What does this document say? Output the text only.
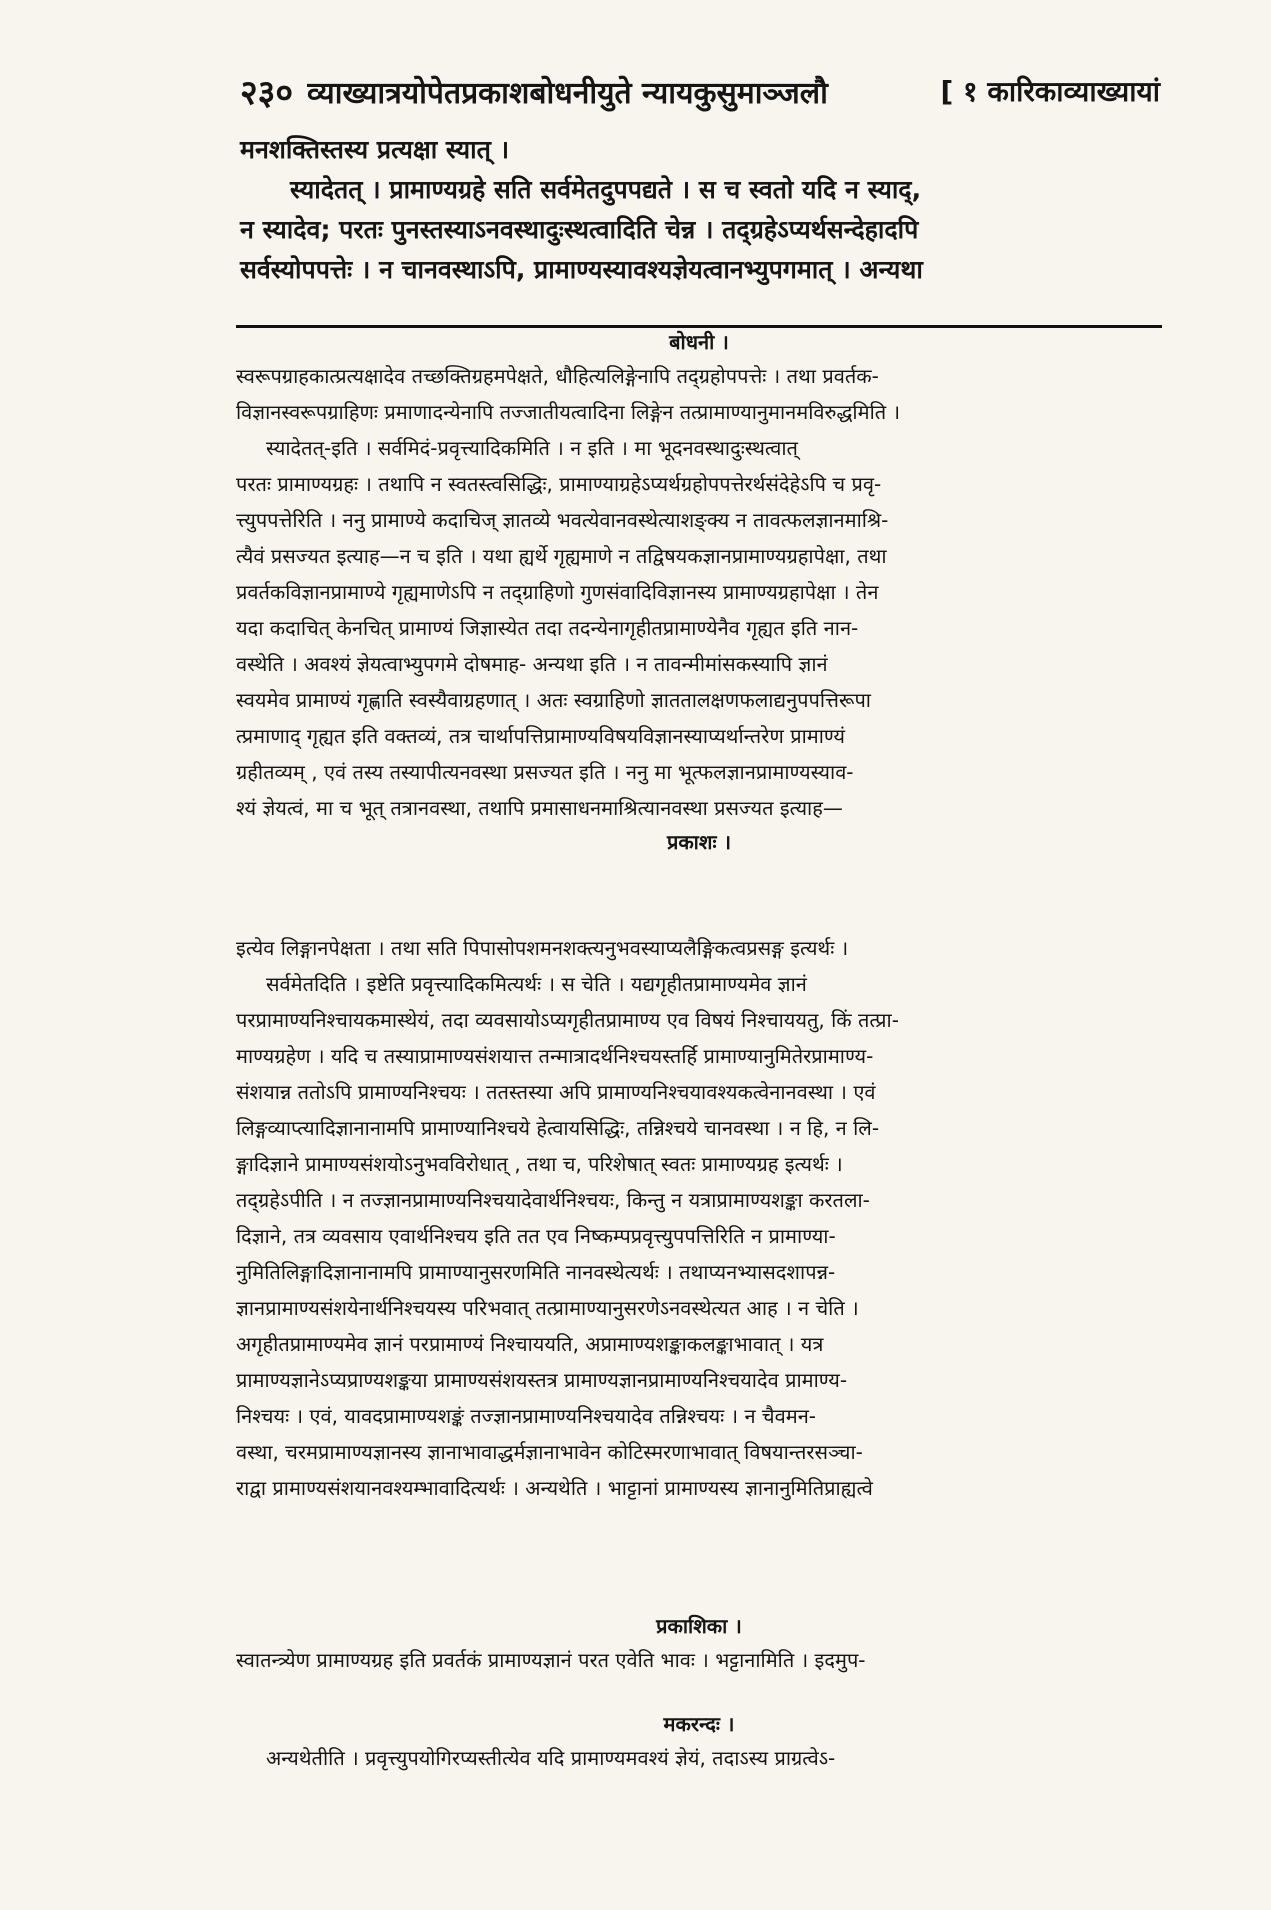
२३० व्याख्यात्रयोपेतप्रकाशबोधनीयुते न्यायकुसुमाञ्जलौ	[ १ कारिकाव्याख्यायां

मनशक्तिस्तस्य प्रत्यक्षा स्यात् ।

स्यादेतत् । प्रामाण्यग्रहे सति सर्वमेतदुपपद्यते । स च स्वतो यदि न स्याद्,

न स्यादेव; परतः पुनस्तस्याऽनवस्थादुःस्थत्वादिति चेन्न । तद्ग्रहेऽप्यर्थसन्देहादपि

सर्वस्योपपत्तेः । न चानवस्थाऽपि, प्रामाण्यस्यावश्यज्ञेयत्वानभ्युपगमात् । अन्यथा

बोधनी ।

स्वरूपग्राहकात्प्रत्यक्षादेव तच्छक्तिग्रहमपेक्षते, धौहित्यलिङ्गेनापि तद्ग्रहोपपत्तेः । तथा प्रवर्तक-

विज्ञानस्वरूपग्राहिणः प्रमाणादन्येनापि तज्जातीयत्वादिना लिङ्गेन तत्प्रामाण्यानुमानमविरुद्धमिति ।

स्यादेतत्-इति । सर्वमिदं-प्रवृत्त्यादिकमिति । न इति । मा भूदनवस्थादुःस्थत्वात्

परतः प्रामाण्यग्रहः । तथापि न स्वतस्त्वसिद्धिः, प्रामाण्याग्रहेऽप्यर्थग्रहोपपत्तेरर्थसंदेहेऽपि च प्रवृ-

त्त्युपपत्तेरिति । ननु प्रामाण्ये कदाचिज् ज्ञातव्ये भवत्येवानवस्थेत्याशङ्क्य न तावत्फलज्ञानमाश्रि-

त्यैवं प्रसज्यत इत्याह—न च इति । यथा ह्यर्थे गृह्यमाणे न तद्विषयकज्ञानप्रामाण्यग्रहापेक्षा, तथा

प्रवर्तकविज्ञानप्रामाण्ये गृह्यमाणेऽपि न तद्ग्राहिणो गुणसंवादिविज्ञानस्य प्रामाण्यग्रहापेक्षा । तेन

यदा कदाचित् केनचित् प्रामाण्यं जिज्ञास्येत तदा तदन्येनागृहीतप्रामाण्येनैव गृह्यत इति नान-

वस्थेति । अवश्यं ज्ञेयत्वाभ्युपगमे दोषमाह- अन्यथा इति । न तावन्मीमांसकस्यापि ज्ञानं

स्वयमेव प्रामाण्यं गृह्णाति स्वस्यैवाग्रहणात् । अतः स्वग्राहिणो ज्ञाततालक्षणफलाद्यनुपपत्तिरूपा

त्प्रमाणाद् गृह्यत इति वक्तव्यं, तत्र चार्थापत्तिप्रामाण्यविषयविज्ञानस्याप्यर्थान्तरेण प्रामाण्यं

ग्रहीतव्यम् , एवं तस्य तस्यापीत्यनवस्था प्रसज्यत इति । ननु मा भूत्फलज्ञानप्रामाण्यस्याव-

श्यं ज्ञेयत्वं, मा च भूत् तत्रानवस्था, तथापि प्रमासाधनमाश्रित्यानवस्था प्रसज्यत इत्याह—

प्रकाशः ।

इत्येव लिङ्गानपेक्षता । तथा सति पिपासोपशमनशक्त्यनुभवस्याप्यलैङ्गिकत्वप्रसङ्ग इत्यर्थः ।

सर्वमेतदिति । इष्टेति प्रवृत्त्यादिकमित्यर्थः । स चेति । यद्यगृहीतप्रामाण्यमेव ज्ञानं

परप्रामाण्यनिश्चायकमास्थेयं, तदा व्यवसायोऽप्यगृहीतप्रामाण्य एव विषयं निश्चाययतु, किं तत्प्रा-

माण्यग्रहेण । यदि च तस्याप्रामाण्यसंशयात्त तन्मात्रादर्थनिश्चयस्तर्हि प्रामाण्यानुमितेरप्रामाण्य-

संशयान्न ततोऽपि प्रामाण्यनिश्चयः । ततस्तस्या अपि प्रामाण्यनिश्चयावश्यकत्वेनानवस्था । एवं

लिङ्गव्याप्त्यादिज्ञानानामपि प्रामाण्यानिश्चये हेत्वायसिद्धिः, तन्निश्चये चानवस्था । न हि, न लि-

ङ्गादिज्ञाने प्रामाण्यसंशयोऽनुभवविरोधात् , तथा च, परिशेषात् स्वतः प्रामाण्यग्रह इत्यर्थः ।

तद्ग्रहेऽपीति । न तज्ज्ञानप्रामाण्यनिश्चयादेवार्थनिश्चयः, किन्तु न यत्राप्रामाण्यशङ्का करतला-

दिज्ञाने, तत्र व्यवसाय एवार्थनिश्चय इति तत एव निष्कम्पप्रवृत्त्युपपत्तिरिति न प्रामाण्या-

नुमितिलिङ्गादिज्ञानानामपि प्रामाण्यानुसरणमिति नानवस्थेत्यर्थः । तथाप्यनभ्यासदशापन्न-

ज्ञानप्रामाण्यसंशयेनार्थनिश्चयस्य परिभवात् तत्प्रामाण्यानुसरणेऽनवस्थेत्यत आह । न चेति ।

अगृहीतप्रामाण्यमेव ज्ञानं परप्रामाण्यं निश्चाययति, अप्रामाण्यशङ्काकलङ्काभावात् । यत्र

प्रामाण्यज्ञानेऽप्यप्राण्यशङ्कया प्रामाण्यसंशयस्तत्र प्रामाण्यज्ञानप्रामाण्यनिश्चयादेव प्रामाण्य-

निश्चयः । एवं, यावदप्रामाण्यशङ्कं तज्ज्ञानप्रामाण्यनिश्चयादेव तन्निश्चयः । न चैवमन-

वस्था, चरमप्रामाण्यज्ञानस्य ज्ञानाभावाद्धर्मज्ञानाभावेन कोटिस्मरणाभावात् विषयान्तरसञ्चा-

राद्वा प्रामाण्यसंशयानवश्यम्भावादित्यर्थः । अन्यथेति । भाट्टानां प्रामाण्यस्य ज्ञानानुमितिप्राह्यत्वे

प्रकाशिका ।

स्वातन्त्र्येण प्रामाण्यग्रह इति प्रवर्तकं प्रामाण्यज्ञानं परत एवेति भावः । भट्टानामिति । इदमुप-

मकरन्दः ।

अन्यथेतीति । प्रवृत्त्युपयोगिरप्यस्तीत्येव यदि प्रामाण्यमवश्यं ज्ञेयं, तदाऽस्य प्राग्रत्वेऽ-
